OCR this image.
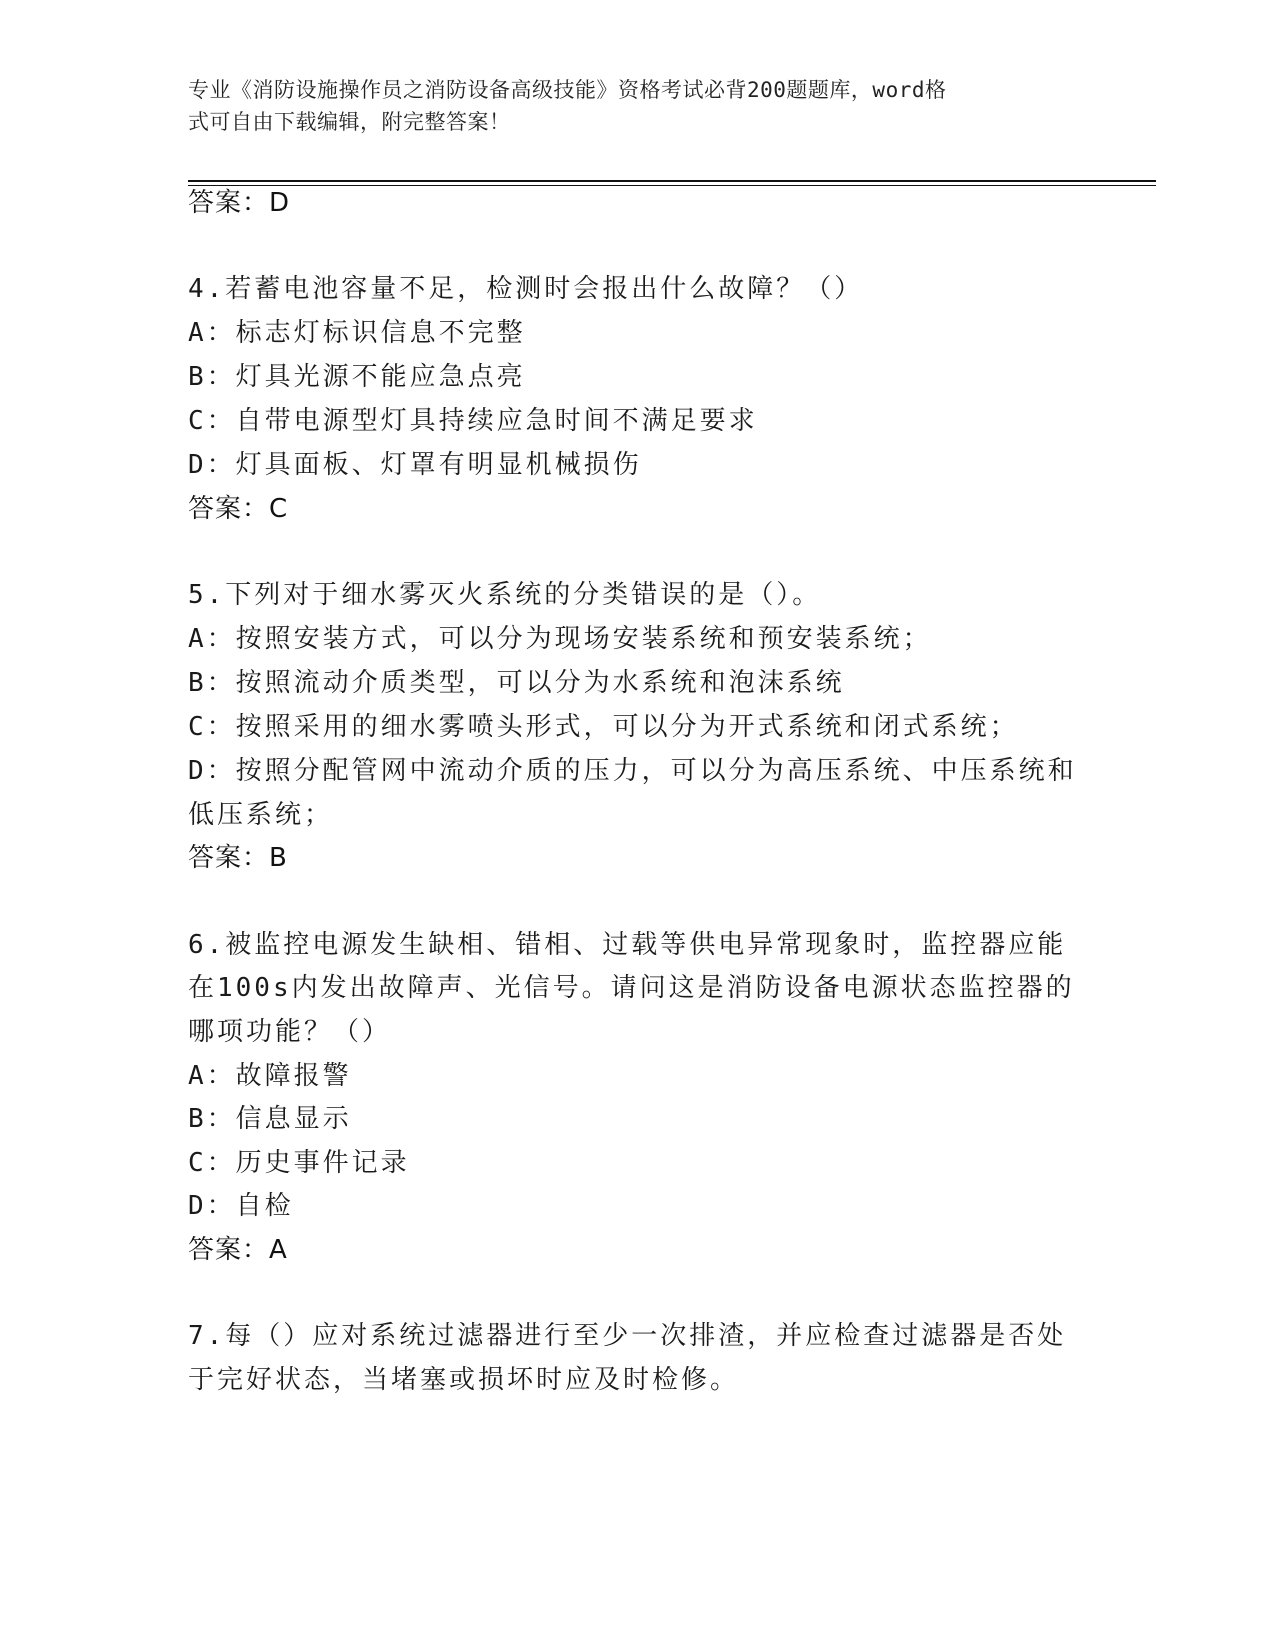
专业《消防设施操作员之消防设备高级技能》资格考试必背200题题库，word格
式可自由下载编辑，附完整答案！
答案：D
4.若蓄电池容量不足，检测时会报出什么故障？（）
A：标志灯标识信息不完整
B：灯具光源不能应急点亮
C：自带电源型灯具持续应急时间不满足要求
D：灯具面板、灯罩有明显机械损伤
答案：C
5.下列对于细水雾灭火系统的分类错误的是（）。
A：按照安装方式，可以分为现场安装系统和预安装系统；
B：按照流动介质类型，可以分为水系统和泡沫系统
C：按照采用的细水雾喷头形式，可以分为开式系统和闭式系统；
D：按照分配管网中流动介质的压力，可以分为高压系统、中压系统和
低压系统；
答案：B
6.被监控电源发生缺相、错相、过载等供电异常现象时，监控器应能
在100s内发出故障声、光信号。请问这是消防设备电源状态监控器的
哪项功能？（）
A：故障报警
B：信息显示
C：历史事件记录
D：自检
答案：A
7.每（）应对系统过滤器进行至少一次排渣，并应检查过滤器是否处
于完好状态，当堵塞或损坏时应及时检修。
